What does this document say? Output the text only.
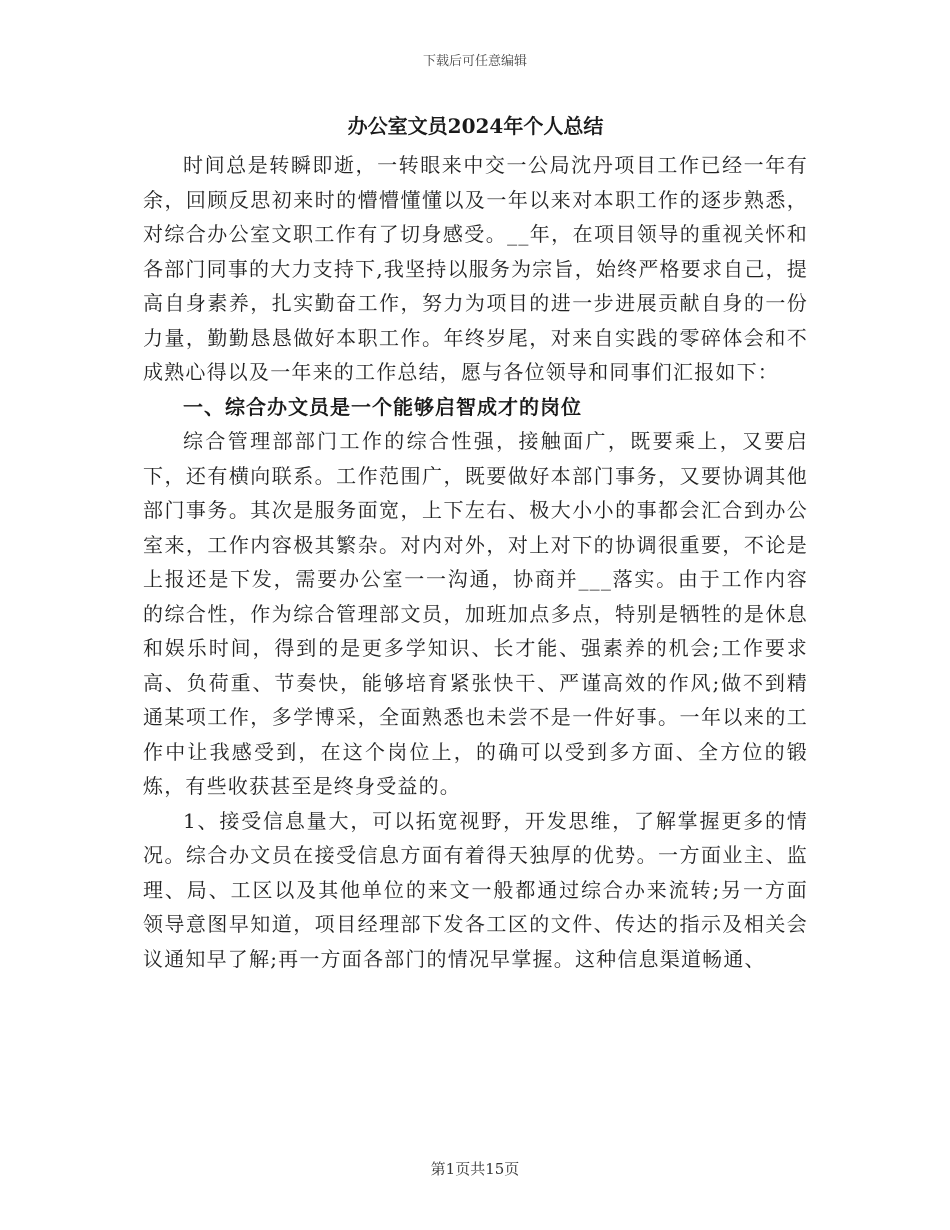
下载后可任意编辑
办公室文员2024年个人总结

时间总是转瞬即逝，一转眼来中交一公局沈丹项目工作已经一年有余，回顾反思初来时的懵懵懂懂以及一年以来对本职工作的逐步熟悉，对综合办公室文职工作有了切身感受。__年，在项目领导的重视关怀和各部门同事的大力支持下,我坚持以服务为宗旨，始终严格要求自己，提高自身素养，扎实勤奋工作，努力为项目的进一步进展贡献自身的一份力量，勤勤恳恳做好本职工作。年终岁尾，对来自实践的零碎体会和不成熟心得以及一年来的工作总结，愿与各位领导和同事们汇报如下：

一、综合办文员是一个能够启智成才的岗位

综合管理部部门工作的综合性强，接触面广，既要乘上，又要启下，还有横向联系。工作范围广，既要做好本部门事务，又要协调其他部门事务。其次是服务面宽，上下左右、极大小小的事都会汇合到办公室来，工作内容极其繁杂。对内对外，对上对下的协调很重要，不论是上报还是下发，需要办公室一一沟通，协商并___落实。由于工作内容的综合性，作为综合管理部文员，加班加点多点，特别是牺牲的是休息和娱乐时间，得到的是更多学知识、长才能、强素养的机会;工作要求高、负荷重、节奏快，能够培育紧张快干、严谨高效的作风;做不到精通某项工作，多学博采，全面熟悉也未尝不是一件好事。一年以来的工作中让我感受到，在这个岗位上，的确可以受到多方面、全方位的锻炼，有些收获甚至是终身受益的。

1、接受信息量大，可以拓宽视野，开发思维，了解掌握更多的情况。综合办文员在接受信息方面有着得天独厚的优势。一方面业主、监理、局、工区以及其他单位的来文一般都通过综合办来流转;另一方面领导意图早知道，项目经理部下发各工区的文件、传达的指示及相关会议通知早了解;再一方面各部门的情况早掌握。这种信息渠道畅通、

第1页共15页
